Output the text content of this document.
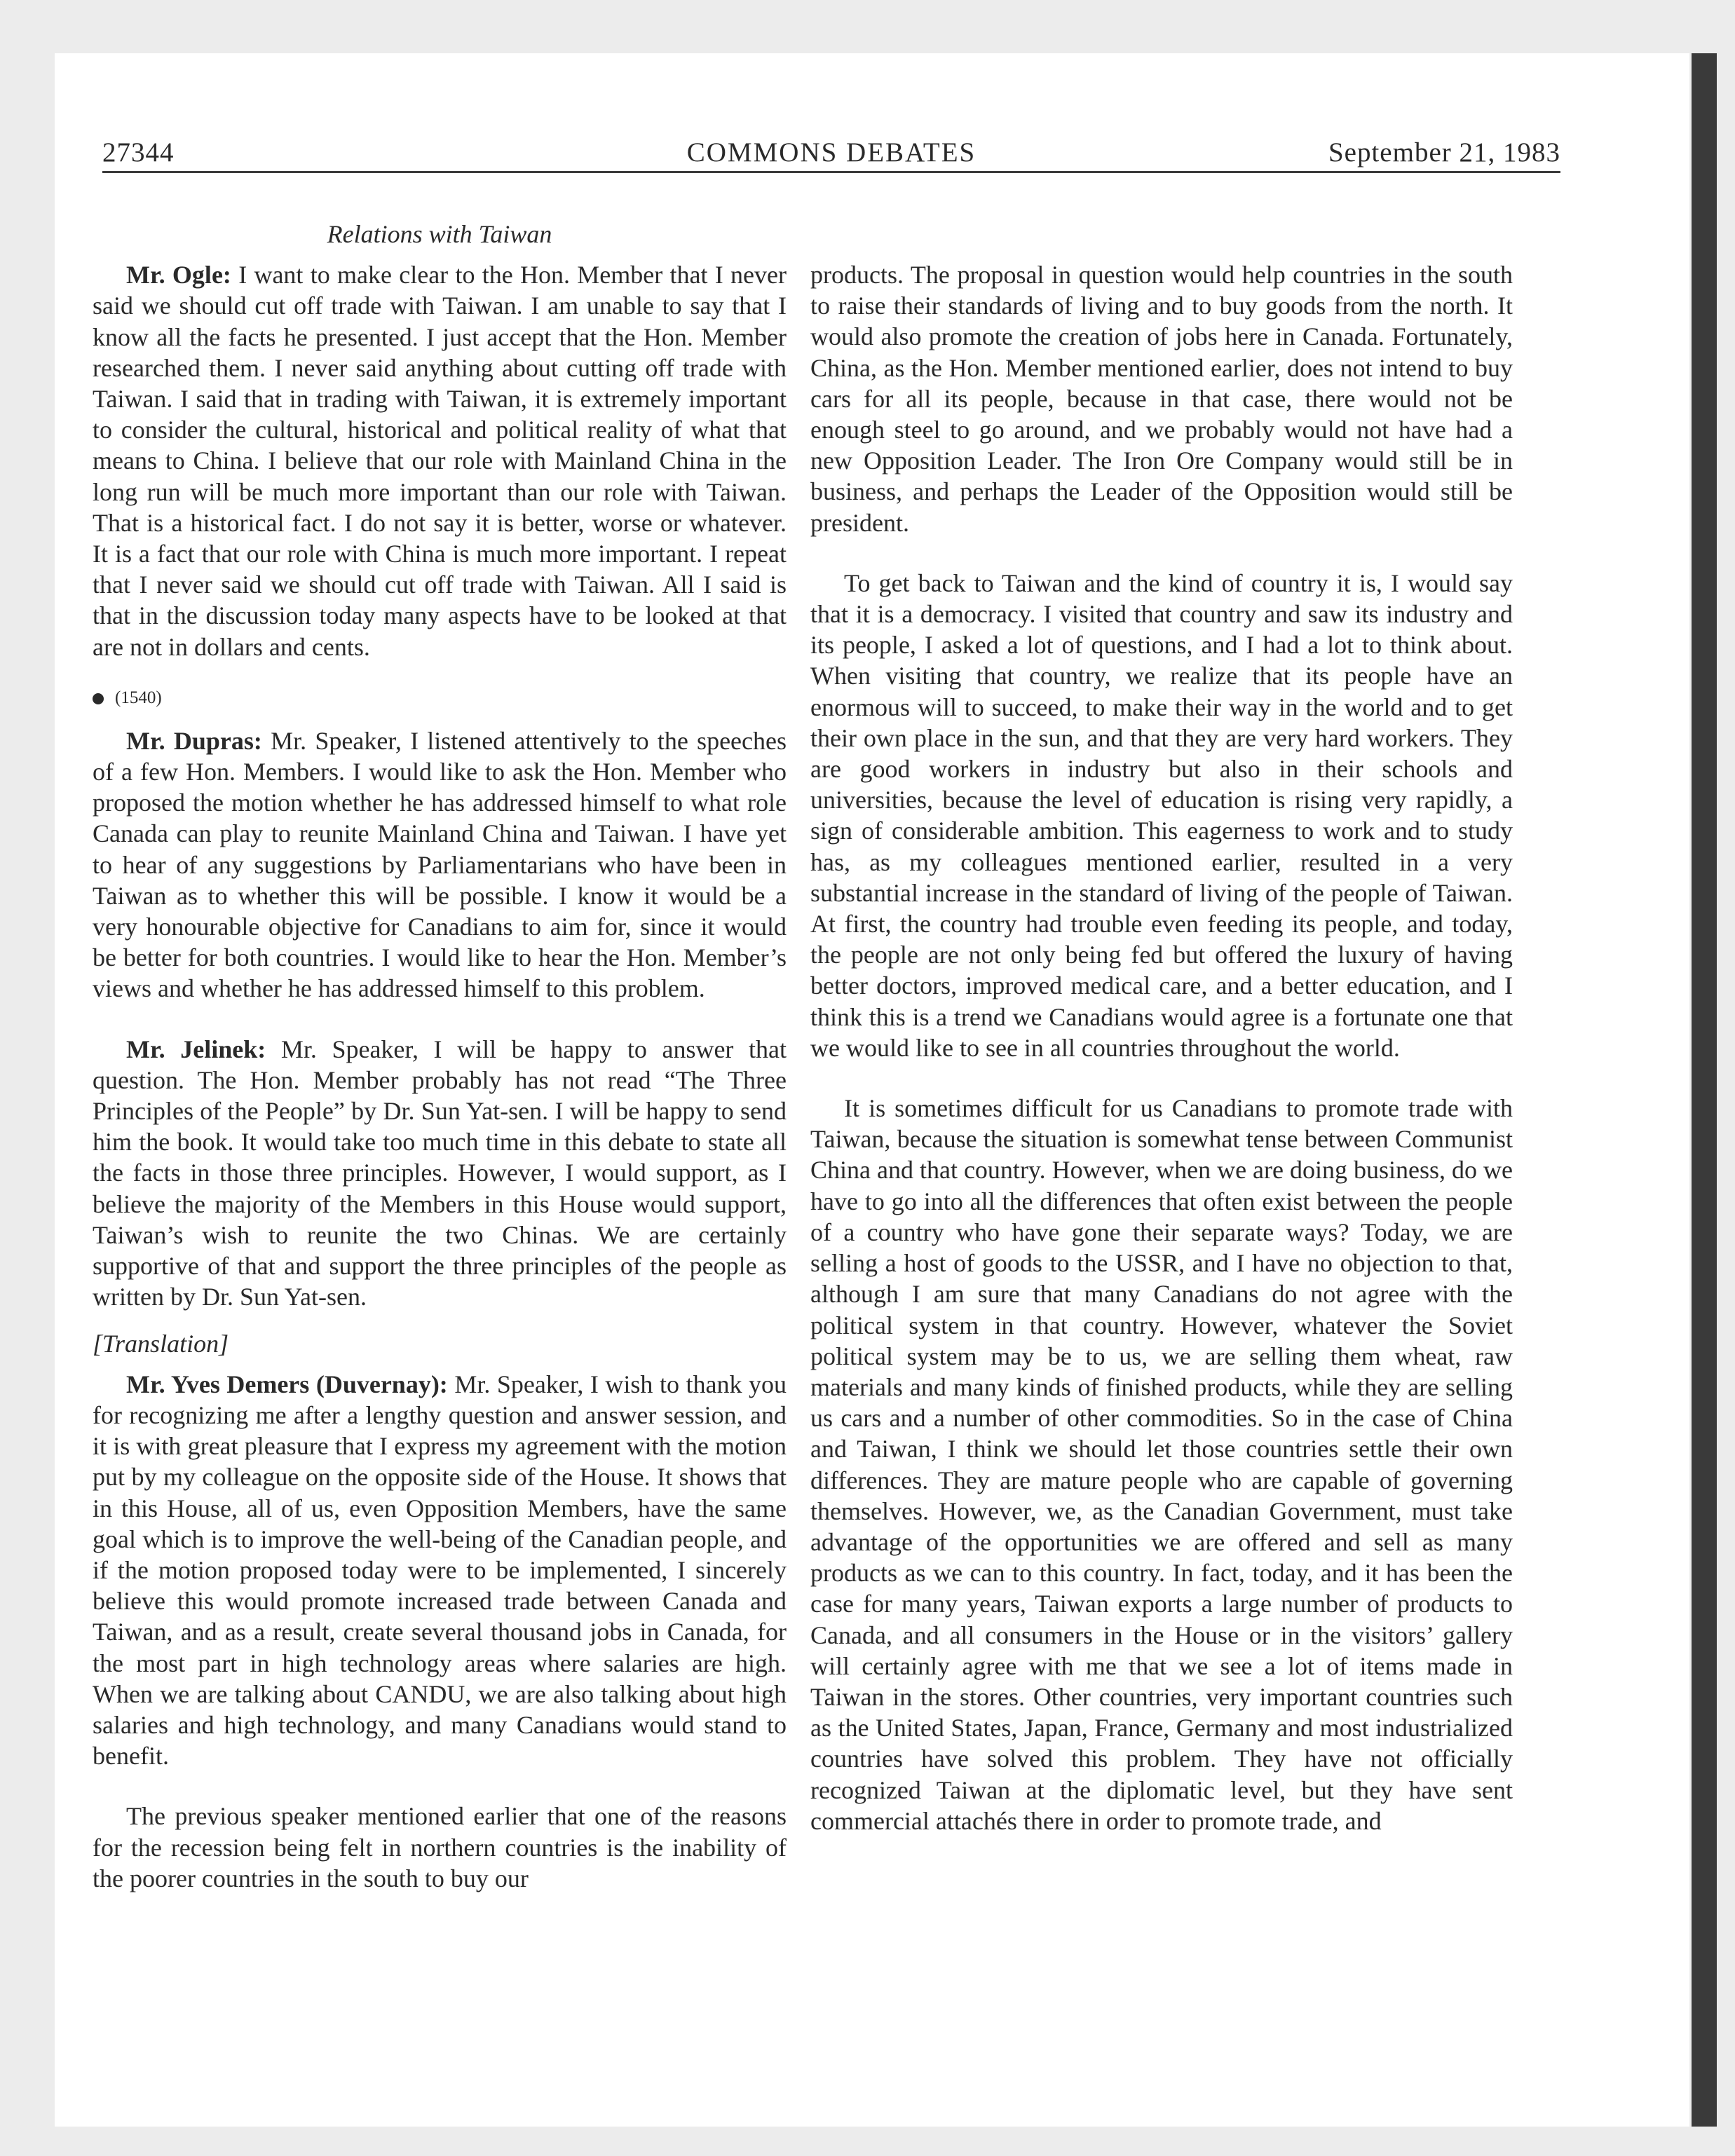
27344	COMMONS DEBATES	September 21, 1983
Relations with Taiwan

Mr. Ogle: I want to make clear to the Hon. Member that I never said we should cut off trade with Taiwan. I am unable to say that I know all the facts he presented. I just accept that the Hon. Member researched them. I never said anything about cutting off trade with Taiwan. I said that in trading with Taiwan, it is extremely important to consider the cultural, historical and political reality of what that means to China. I believe that our role with Mainland China in the long run will be much more important than our role with Taiwan. That is a historical fact. I do not say it is better, worse or whatever. It is a fact that our role with China is much more important. I repeat that I never said we should cut off trade with Taiwan. All I said is that in the discussion today many aspects have to be looked at that are not in dollars and cents.

(1540)

Mr. Dupras: Mr. Speaker, I listened attentively to the speeches of a few Hon. Members. I would like to ask the Hon. Member who proposed the motion whether he has addressed himself to what role Canada can play to reunite Mainland China and Taiwan. I have yet to hear of any suggestions by Parliamentarians who have been in Taiwan as to whether this will be possible. I know it would be a very honourable objective for Canadians to aim for, since it would be better for both countries. I would like to hear the Hon. Member’s views and whether he has addressed himself to this problem.

Mr. Jelinek: Mr. Speaker, I will be happy to answer that question. The Hon. Member probably has not read “The Three Principles of the People” by Dr. Sun Yat-sen. I will be happy to send him the book. It would take too much time in this debate to state all the facts in those three principles. However, I would support, as I believe the majority of the Members in this House would support, Taiwan’s wish to reunite the two Chinas. We are certainly supportive of that and support the three principles of the people as written by Dr. Sun Yat-sen.

[Translation]

Mr. Yves Demers (Duvernay): Mr. Speaker, I wish to thank you for recognizing me after a lengthy question and answer session, and it is with great pleasure that I express my agreement with the motion put by my colleague on the opposite side of the House. It shows that in this House, all of us, even Opposition Members, have the same goal which is to improve the well-being of the Canadian people, and if the motion proposed today were to be implemented, I sincerely believe this would promote increased trade between Canada and Taiwan, and as a result, create several thousand jobs in Canada, for the most part in high technology areas where salaries are high. When we are talking about CANDU, we are also talking about high salaries and high technology, and many Canadians would stand to benefit.

The previous speaker mentioned earlier that one of the reasons for the recession being felt in northern countries is the inability of the poorer countries in the south to buy our

products. The proposal in question would help countries in the south to raise their standards of living and to buy goods from the north. It would also promote the creation of jobs here in Canada. Fortunately, China, as the Hon. Member mentioned earlier, does not intend to buy cars for all its people, because in that case, there would not be enough steel to go around, and we probably would not have had a new Opposition Leader. The Iron Ore Company would still be in business, and perhaps the Leader of the Opposition would still be president.

To get back to Taiwan and the kind of country it is, I would say that it is a democracy. I visited that country and saw its industry and its people, I asked a lot of questions, and I had a lot to think about. When visiting that country, we realize that its people have an enormous will to succeed, to make their way in the world and to get their own place in the sun, and that they are very hard workers. They are good workers in industry but also in their schools and universities, because the level of education is rising very rapidly, a sign of considerable ambition. This eagerness to work and to study has, as my colleagues mentioned earlier, resulted in a very substantial increase in the standard of living of the people of Taiwan. At first, the country had trouble even feeding its people, and today, the people are not only being fed but offered the luxury of having better doctors, improved medical care, and a better education, and I think this is a trend we Canadians would agree is a fortunate one that we would like to see in all countries throughout the world.

It is sometimes difficult for us Canadians to promote trade with Taiwan, because the situation is somewhat tense between Communist China and that country. However, when we are doing business, do we have to go into all the differences that often exist between the people of a country who have gone their separate ways? Today, we are selling a host of goods to the USSR, and I have no objection to that, although I am sure that many Canadians do not agree with the political system in that country. However, whatever the Soviet political system may be to us, we are selling them wheat, raw materials and many kinds of finished products, while they are selling us cars and a number of other commodities. So in the case of China and Taiwan, I think we should let those countries settle their own differences. They are mature people who are capable of governing themselves. However, we, as the Canadian Government, must take advantage of the opportunities we are offered and sell as many products as we can to this country. In fact, today, and it has been the case for many years, Taiwan exports a large number of products to Canada, and all consumers in the House or in the visitors’ gallery will certainly agree with me that we see a lot of items made in Taiwan in the stores. Other countries, very important countries such as the United States, Japan, France, Germany and most industrialized countries have solved this problem. They have not officially recognized Taiwan at the diplomatic level, but they have sent commercial attachés there in order to promote trade, and
